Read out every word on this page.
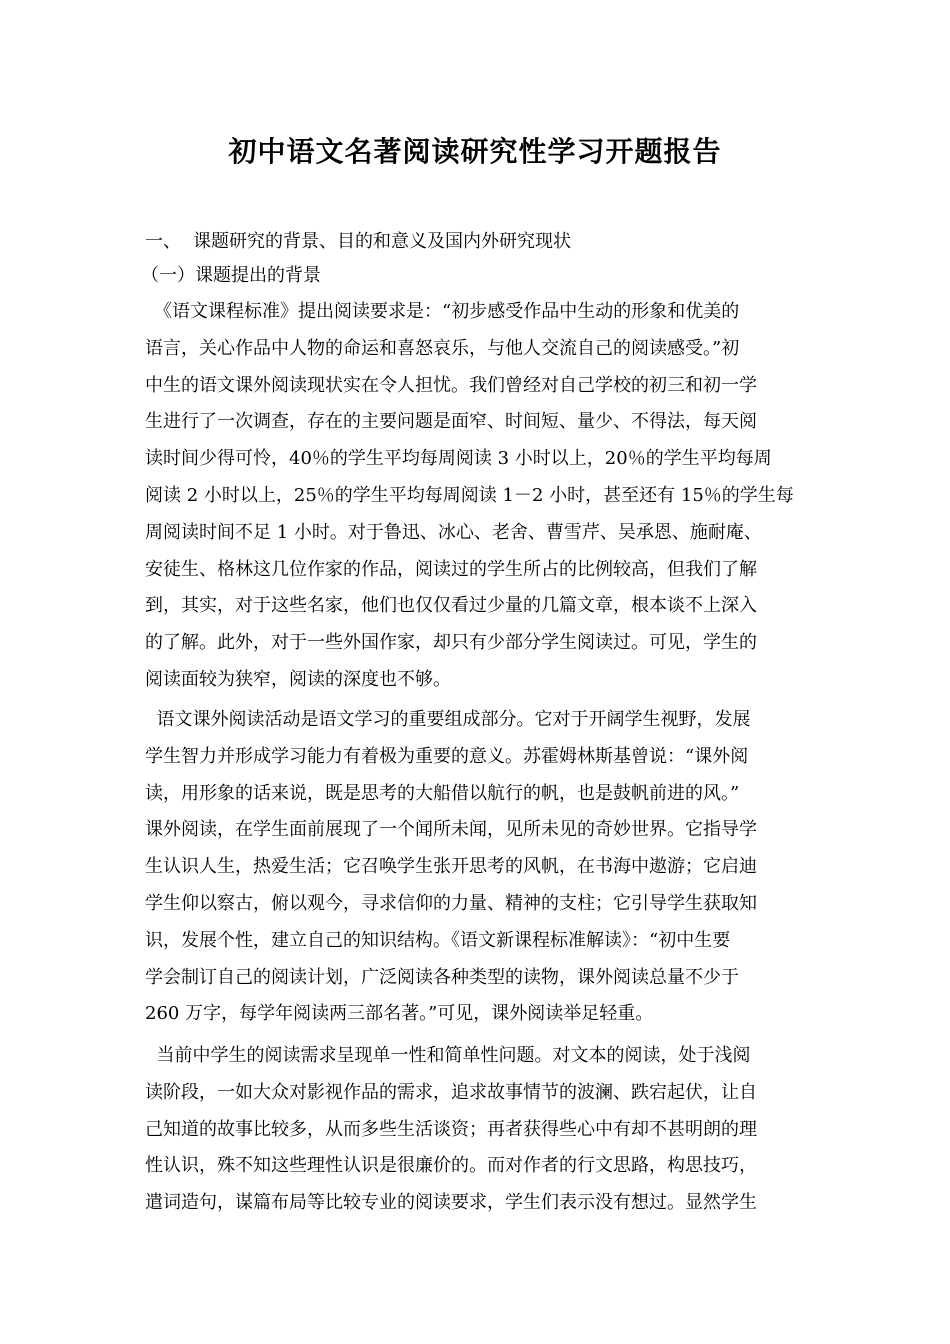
初中语文名著阅读研究性学习开题报告
一、 课题研究的背景、目的和意义及国内外研究现状
（一）课题提出的背景
　《语文课程标准》提出阅读要求是：“初步感受作品中生动的形象和优美的
语言，关心作品中人物的命运和喜怒哀乐，与他人交流自己的阅读感受。”初
中生的语文课外阅读现状实在令人担忧。我们曾经对自己学校的初三和初一学
生进行了一次调查，存在的主要问题是面窄、时间短、量少、不得法，每天阅
读时间少得可怜，40％的学生平均每周阅读 3 小时以上，20％的学生平均每周
阅读 2 小时以上，25％的学生平均每周阅读 1－2 小时，甚至还有 15％的学生每
周阅读时间不足 1 小时。对于鲁迅、冰心、老舍、曹雪芹、吴承恩、施耐庵、
安徒生、格林这几位作家的作品，阅读过的学生所占的比例较高，但我们了解
到，其实，对于这些名家，他们也仅仅看过少量的几篇文章，根本谈不上深入
的了解。此外，对于一些外国作家，却只有少部分学生阅读过。可见，学生的
阅读面较为狭窄，阅读的深度也不够。
语文课外阅读活动是语文学习的重要组成部分。它对于开阔学生视野，发展
学生智力并形成学习能力有着极为重要的意义。苏霍姆林斯基曾说：“课外阅
读，用形象的话来说，既是思考的大船借以航行的帆，也是鼓帆前进的风。”
课外阅读，在学生面前展现了一个闻所未闻，见所未见的奇妙世界。它指导学
生认识人生，热爱生活；它召唤学生张开思考的风帆，在书海中遨游；它启迪
学生仰以察古，俯以观今，寻求信仰的力量、精神的支柱；它引导学生获取知
识，发展个性，建立自己的知识结构。《语文新课程标准解读》：“初中生要
学会制订自己的阅读计划，广泛阅读各种类型的读物，课外阅读总量不少于
260 万字，每学年阅读两三部名著。”可见，课外阅读举足轻重。
当前中学生的阅读需求呈现单一性和简单性问题。对文本的阅读，处于浅阅
读阶段，一如大众对影视作品的需求，追求故事情节的波澜、跌宕起伏，让自
己知道的故事比较多，从而多些生活谈资；再者获得些心中有却不甚明朗的理
性认识，殊不知这些理性认识是很廉价的。而对作者的行文思路，构思技巧，
遣词造句，谋篇布局等比较专业的阅读要求，学生们表示没有想过。显然学生
